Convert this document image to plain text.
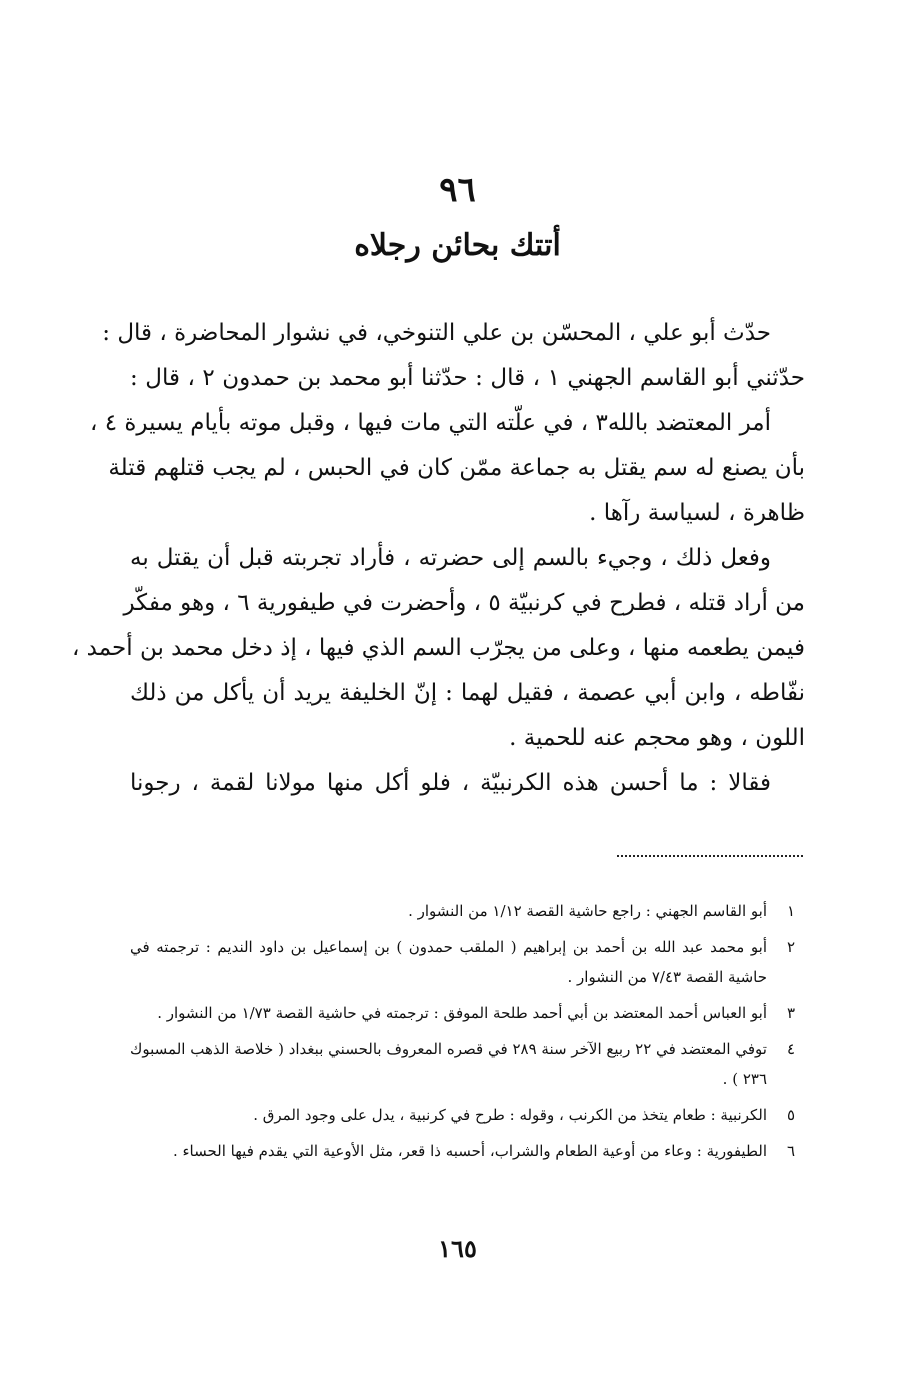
٩٦
أتتك بحائن رجلاه
حدّث أبو علي ، المحسّن بن علي التنوخي، في نشوار المحاضرة ، قال :
حدّثني أبو القاسم الجهني ١ ، قال : حدّثنا أبو محمد بن حمدون ٢ ، قال :
أمر المعتضد بالله٣ ، في علّته التي مات فيها ، وقبل موته بأيام يسيرة ٤ ،
بأن يصنع له سم يقتل به جماعة ممّن كان في الحبس ، لم يجب قتلهم قتلة
ظاهرة ، لسياسة رآها .
وفعل ذلك ، وجيء بالسم إلى حضرته ، فأراد تجربته قبل أن يقتل به
من أراد قتله ، فطرح في كرنبيّة ٥ ، وأحضرت في طيفورية ٦ ، وهو مفكّر
فيمن يطعمه منها ، وعلى من يجرّب السم الذي فيها ، إذ دخل محمد بن أحمد ،
نفّاطه ، وابن أبي عصمة ، فقيل لهما : إنّ الخليفة يريد أن يأكل من ذلك
اللون ، وهو محجم عنه للحمية .
فقالا : ما أحسن هذه الكرنبيّة ، فلو أكل منها مولانا لقمة ، رجونا
١
أبو القاسم الجهني : راجع حاشية القصة ١/١٢ من النشوار .
٢
أبو محمد عبد الله بن أحمد بن إبراهيم ( الملقب حمدون ) بن إسماعيل بن داود النديم : ترجمته في حاشية القصة ٧/٤٣ من النشوار .
٣
أبو العباس أحمد المعتضد بن أبي أحمد طلحة الموفق : ترجمته في حاشية القصة ١/٧٣ من النشوار .
٤
توفي المعتضد في ٢٢ ربيع الآخر سنة ٢٨٩ في قصره المعروف بالحسني ببغداد ( خلاصة الذهب المسبوك ٢٣٦ ) .
٥
الكرنبية : طعام يتخذ من الكرنب ، وقوله : طرح في كرنبية ، يدل على وجود المرق .
٦
الطيفورية : وعاء من أوعية الطعام والشراب، أحسبه ذا قعر، مثل الأوعية التي يقدم فيها الحساء .
١٦٥
